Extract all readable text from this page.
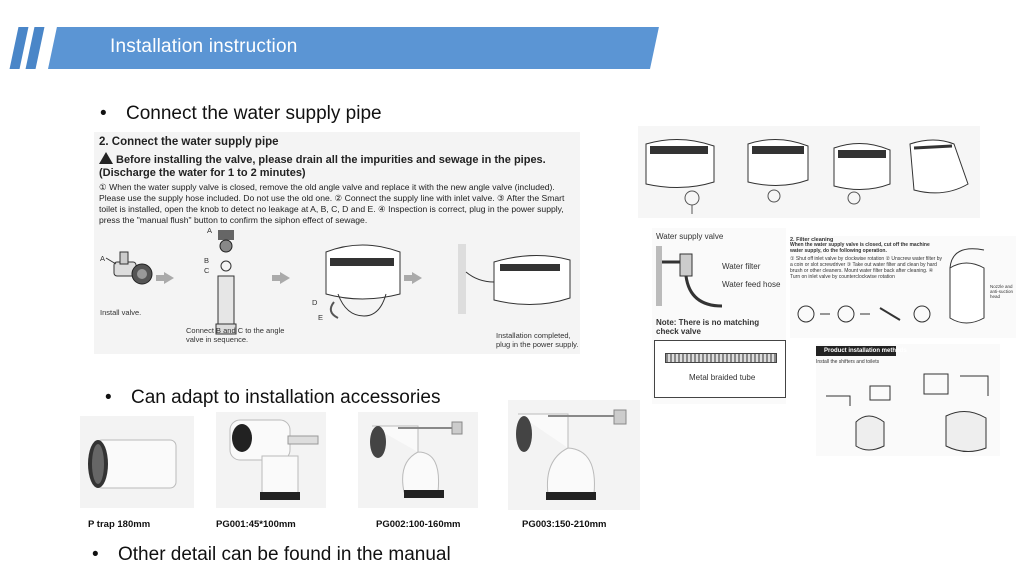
Installation instruction
• Connect the water supply pipe
2. Connect the water supply pipe
Before installing the valve, please drain all the impurities and sewage in the pipes. (Discharge the water for 1 to 2 minutes)
① When the water supply valve is closed, remove the old angle valve and replace it with the new angle valve (included). Please use the supply hose included. Do not use the old one. ② Connect the supply line with inlet valve. ③ After the Smart toilet is installed, open the knob to detect no leakage at A, B, C, D and E. ④ Inspection is correct, plug in the power supply, press the "manual flush" button to confirm the siphon effect of sewage.
A
Install valve.
A
B
C
Connect B and C to the angle valve in sequence.
D
E
Installation completed, plug in the power supply.
Water supply valve
Water filter
Water feed hose
Note: There is no matching check valve
Metal braided tube
2. Filter cleaning
When the water supply valve is closed, cut off the machine water supply, do the following operation.
① Shut off inlet valve by clockwise rotation ② Unscrew water filter by a coin or slot screwdriver ③ Take out water filter and clean by hard brush or other cleaners. Mount water filter back after cleaning. ④ Turn on inlet valve by counterclockwise rotation
Nozzle and anti-suction head
Product installation methods
Install the shifters and toilets
• Can adapt to installation accessories
P trap 180mm	PG001:45*100mm	PG002:100-160mm	PG003:150-210mm
• Other detail can be found in the manual
